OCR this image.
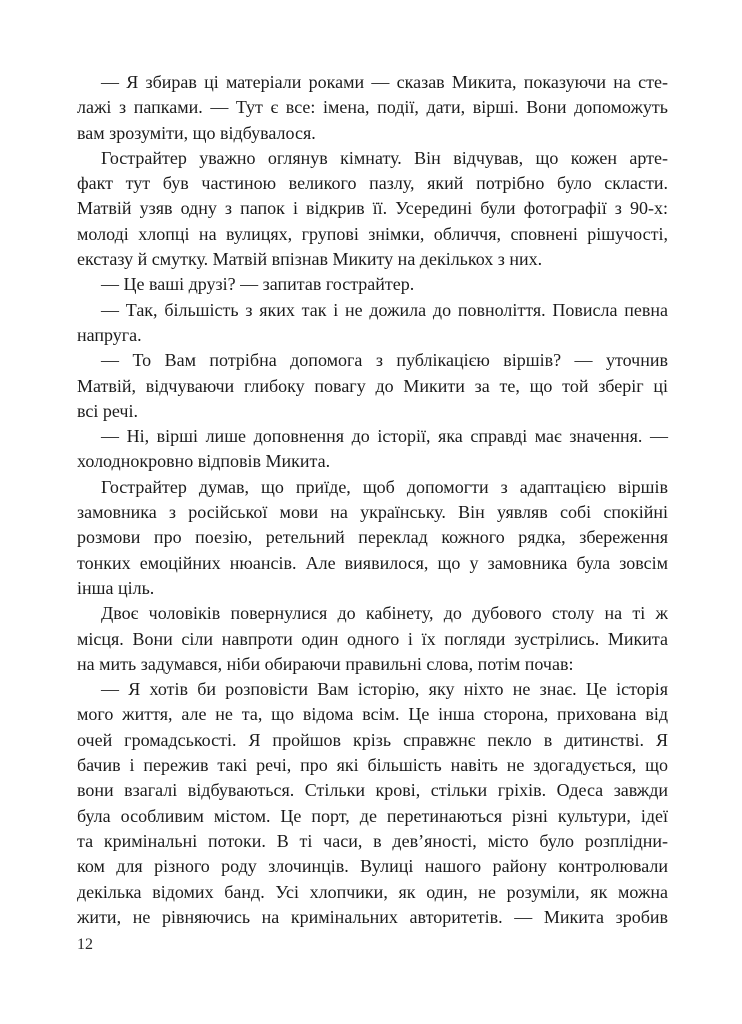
— Я збирав ці матеріали роками — сказав Микита, показуючи на сте-
лажі з папками. — Тут є все: імена, події, дати, вірші. Вони допоможуть
вам зрозуміти, що відбувалося.

Гострайтер уважно оглянув кімнату. Він відчував, що кожен арте-
факт тут був частиною великого пазлу, який потрібно було скласти.
Матвій узяв одну з папок і відкрив її. Усередині були фотографії з 90-х:
молоді хлопці на вулицях, групові знімки, обличчя, сповнені рішучості,
екстазу й смутку. Матвій впізнав Микиту на декількох з них.

— Це ваші друзі? — запитав гострайтер.

— Так, більшість з яких так і не дожила до повноліття. Повисла певна
напруга.

— То Вам потрібна допомога з публікацією віршів? — уточнив
Матвій, відчуваючи глибоку повагу до Микити за те, що той зберіг ці
всі речі.

— Ні, вірші лише доповнення до історії, яка справді має значення. —
холоднокровно відповів Микита.

Гострайтер думав, що приїде, щоб допомогти з адаптацією віршів
замовника з російської мови на українську. Він уявляв собі спокійні
розмови про поезію, ретельний переклад кожного рядка, збереження
тонких емоційних нюансів. Але виявилося, що у замовника була зовсім
інша ціль.

Двоє чоловіків повернулися до кабінету, до дубового столу на ті ж
місця. Вони сіли навпроти один одного і їх погляди зустрілись. Микита
на мить задумався, ніби обираючи правильні слова, потім почав:

— Я хотів би розповісти Вам історію, яку ніхто не знає. Це історія
мого життя, але не та, що відома всім. Це інша сторона, прихована від
очей громадськості. Я пройшов крізь справжнє пекло в дитинстві. Я
бачив і пережив такі речі, про які більшість навіть не здогадується, що
вони взагалі відбуваються. Стільки крові, стільки гріхів. Одеса завжди
була особливим містом. Це порт, де перетинаються різні культури, ідеї
та кримінальні потоки. В ті часи, в дев’яності, місто було розплідни-
ком для різного роду злочинців. Вулиці нашого району контролювали
декілька відомих банд. Усі хлопчики, як один, не розуміли, як можна
жити, не рівняючись на кримінальних авторитетів. — Микита зробив

12
